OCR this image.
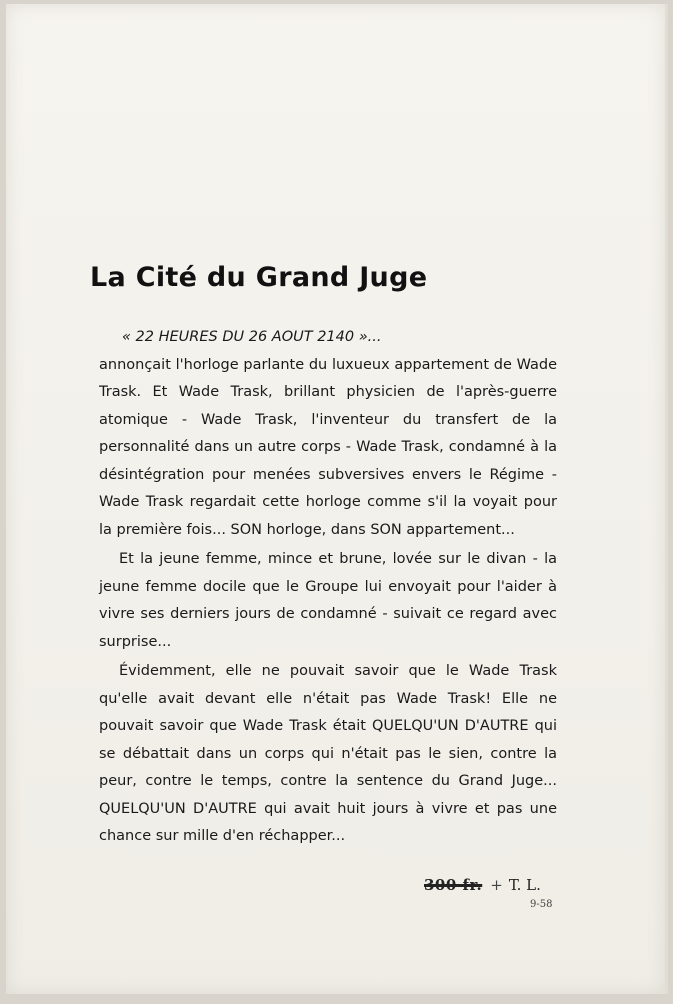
La Cité du Grand Juge

« 22 HEURES DU 26 AOUT 2140 »...

annonçait l'horloge parlante du luxueux appartement de Wade Trask. Et Wade Trask, brillant physicien de l'après-guerre atomique - Wade Trask, l'inventeur du transfert de la personnalité dans un autre corps - Wade Trask, condamné à la désintégration pour menées subversives envers le Régime - Wade Trask regardait cette horloge comme s'il la voyait pour la première fois... SON horloge, dans SON appartement...

Et la jeune femme, mince et brune, lovée sur le divan - la jeune femme docile que le Groupe lui envoyait pour l'aider à vivre ses derniers jours de condamné - suivait ce regard avec surprise...

Évidemment, elle ne pouvait savoir que le Wade Trask qu'elle avait devant elle n'était pas Wade Trask! Elle ne pouvait savoir que Wade Trask était QUELQU'UN D'AUTRE qui se débattait dans un corps qui n'était pas le sien, contre la peur, contre le temps, contre la sentence du Grand Juge... QUELQU'UN D'AUTRE qui avait huit jours à vivre et pas une chance sur mille d'en réchapper...

300 fr. + T. L.
9-58
